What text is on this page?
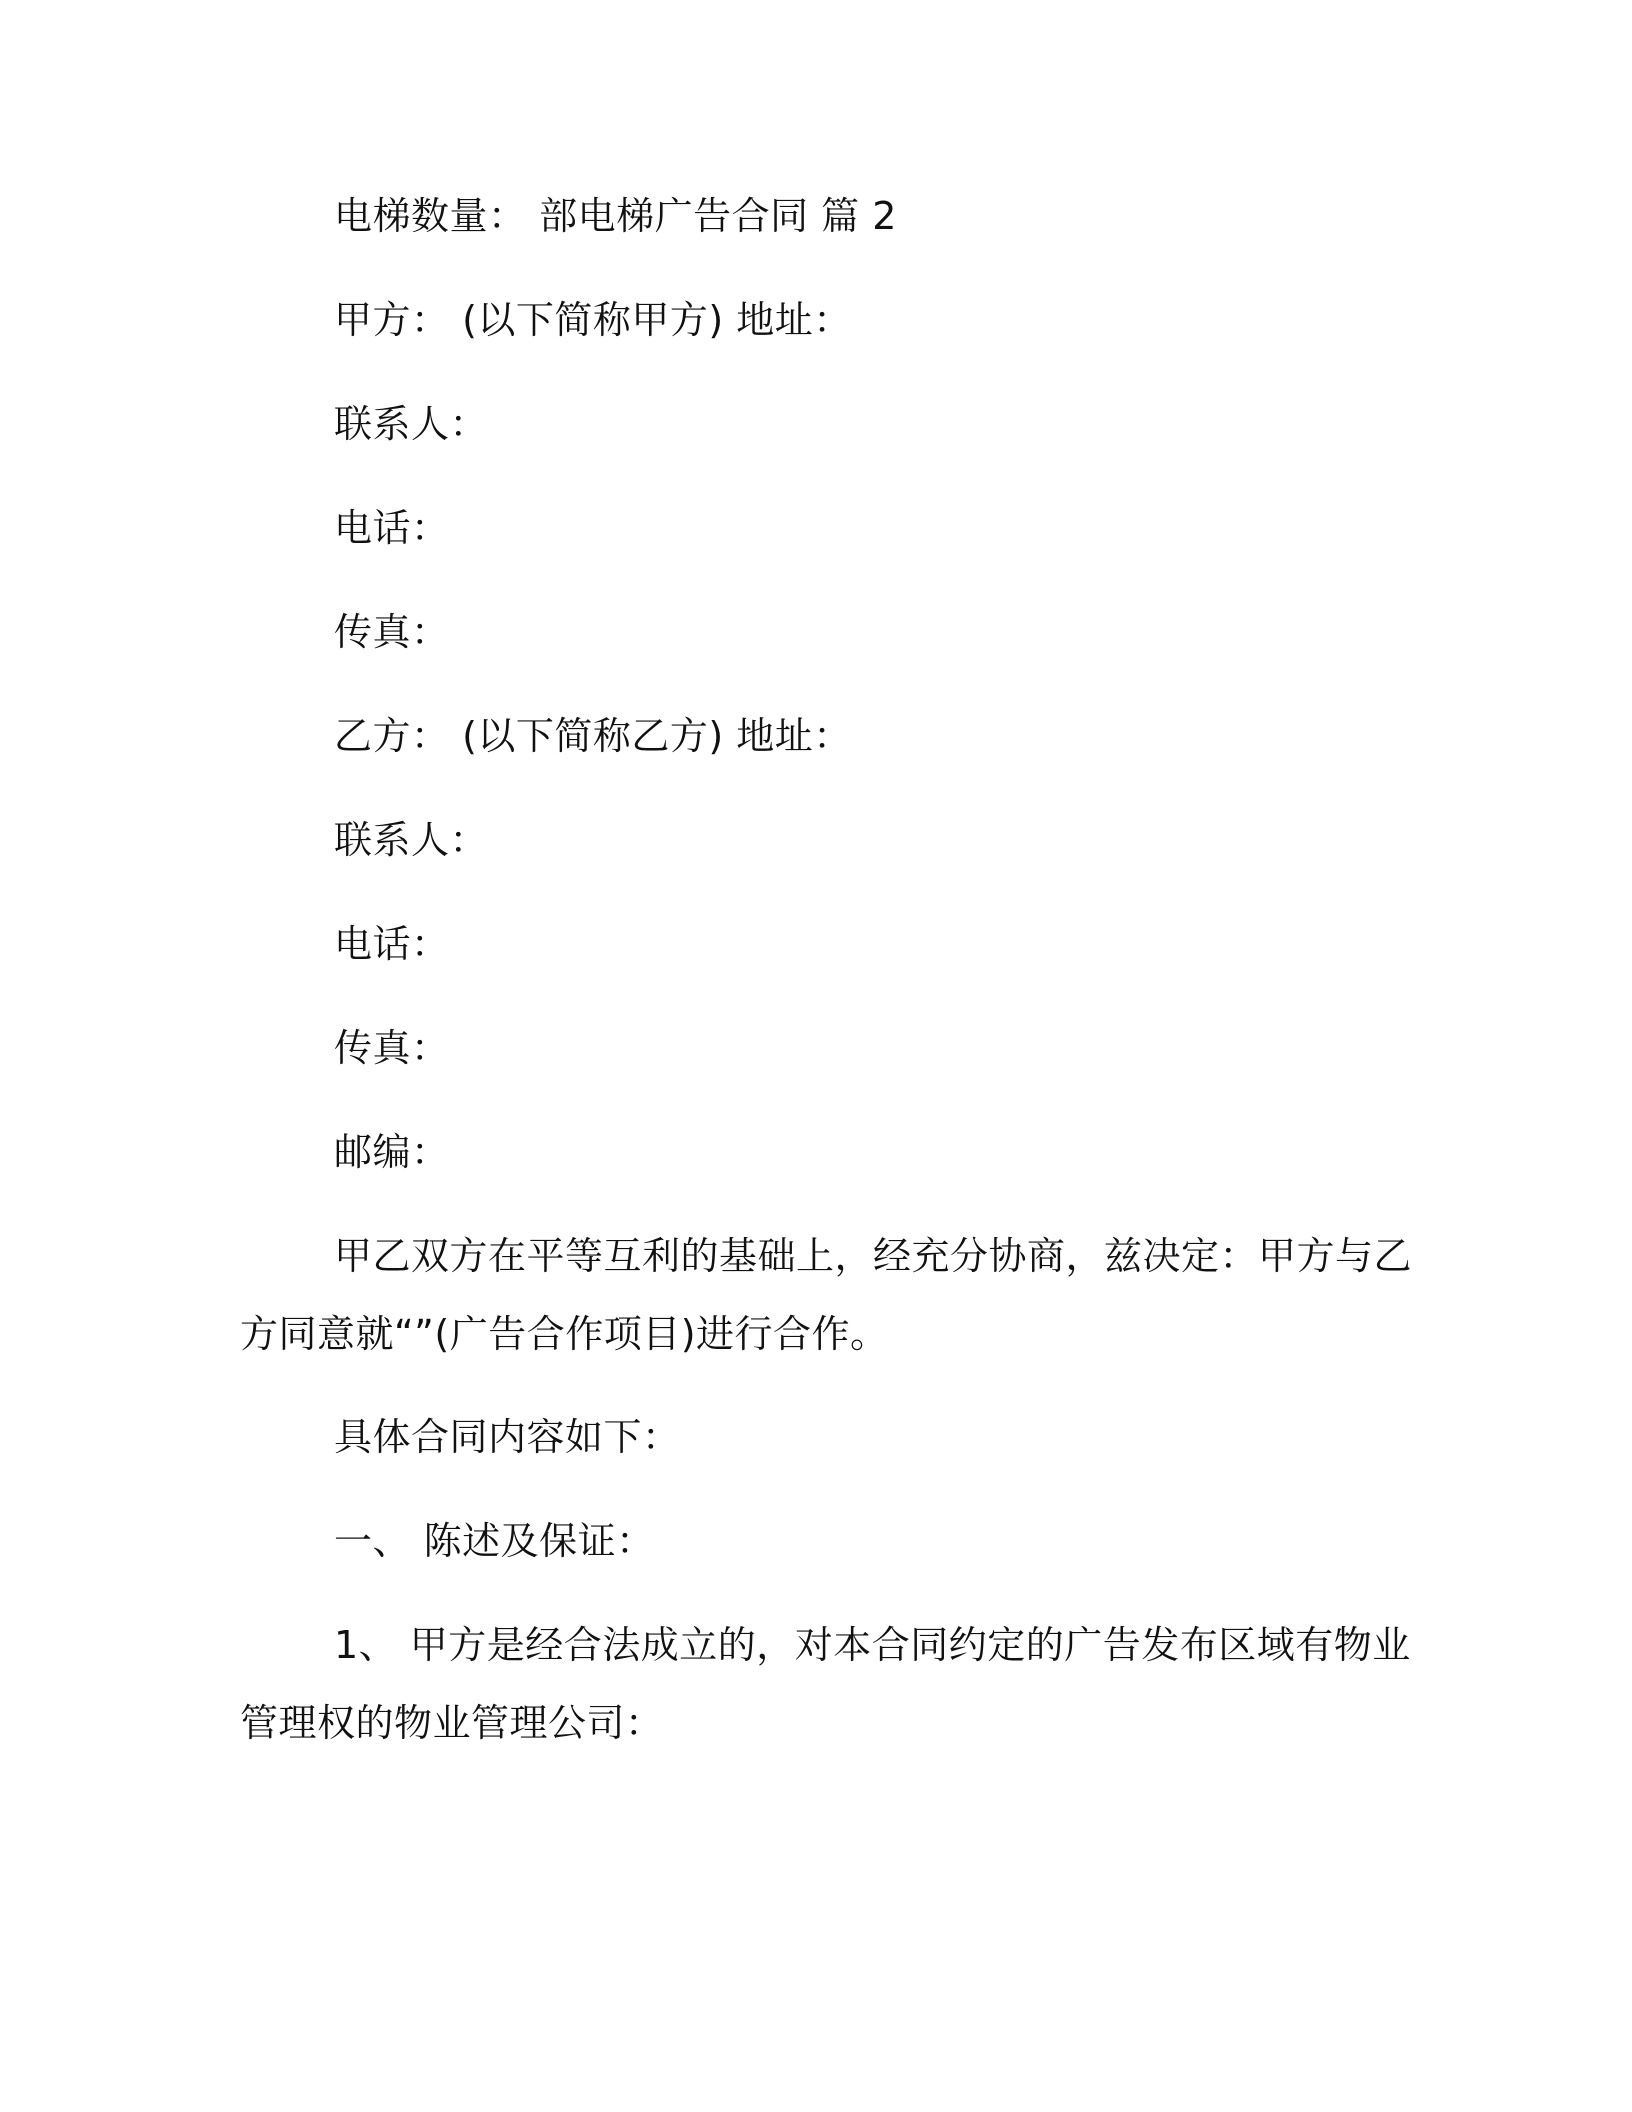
电梯数量： 部电梯广告合同 篇 2
甲方： (以下简称甲方) 地址：
联系人：
电话：
传真：
乙方： (以下简称乙方) 地址：
联系人：
电话：
传真：
邮编：
甲乙双方在平等互利的基础上，经充分协商，兹决定：甲方与乙
方同意就“”(广告合作项目)进行合作。
具体合同内容如下：
一、 陈述及保证：
1、 甲方是经合法成立的，对本合同约定的广告发布区域有物业
管理权的物业管理公司：
